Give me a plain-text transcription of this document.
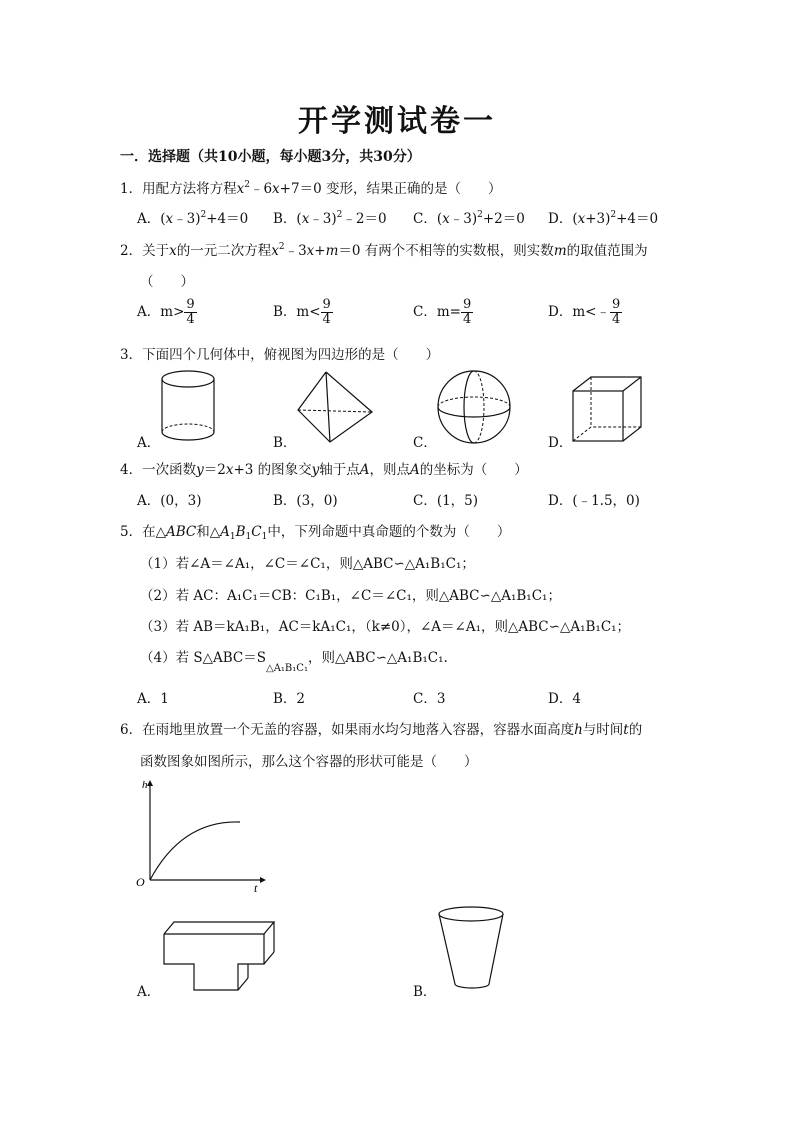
开学测试卷一
一．选择题（共10小题，每小题3分，共30分）
1．用配方法将方程$x^2﹣6x+7=0$ 变形，结果正确的是（　　）
A．(x﹣3)$^2$+4＝0 B．(x﹣3)$^2$﹣2＝0 C．(x﹣3)$^2$+2＝0 D．$(x+3)^2+4=0$
2．关于x的一元二次方程$x^2﹣3x+m=0$ 有两个不相等的实数根，则实数m的取值范围为
（　　）
A．$m> \frac{9}{4}$	B．$m< \frac{9}{4}$	C．$m= \frac{9}{4}$	D．m<﹣ $\frac{9}{4}$
3．下面四个几何体中，俯视图为四边形的是（　　）
A．	B．	C．	D．
4．一次函数y＝2x+3 的图象交y轴于点A，则点A的坐标为（　　）
A．(0，3)	B．(3，0)	C．(1，5)	D．(﹣1.5，0)
5．在△ABC和$\triangle A_1B_1C_1$中，下列命题中真命题的个数为（　　）
（1）若∠A＝∠A₁，∠C＝∠C₁，则△ABC∽△A₁B₁C₁；
（2）若 AC：A₁C₁＝CB：C₁B₁，∠C＝∠C₁，则△ABC∽△A₁B₁C₁；
（3）若 AB＝kA₁B₁，AC＝kA₁C₁，（k≠0），∠A＝∠A₁，则△ABC∽△A₁B₁C₁；
（4）若 $S\triangle ABC=S_{\triangle A_1B_1C_1}$，则△ABC∽△A₁B₁C₁.
A．1	B．2	C．3	D．4
6．在雨地里放置一个无盖的容器，如果雨水均匀地落入容器，容器水面高度h与时间t的
函数图象如图所示，那么这个容器的形状可能是（　　）
h
t
O
A．	B．
